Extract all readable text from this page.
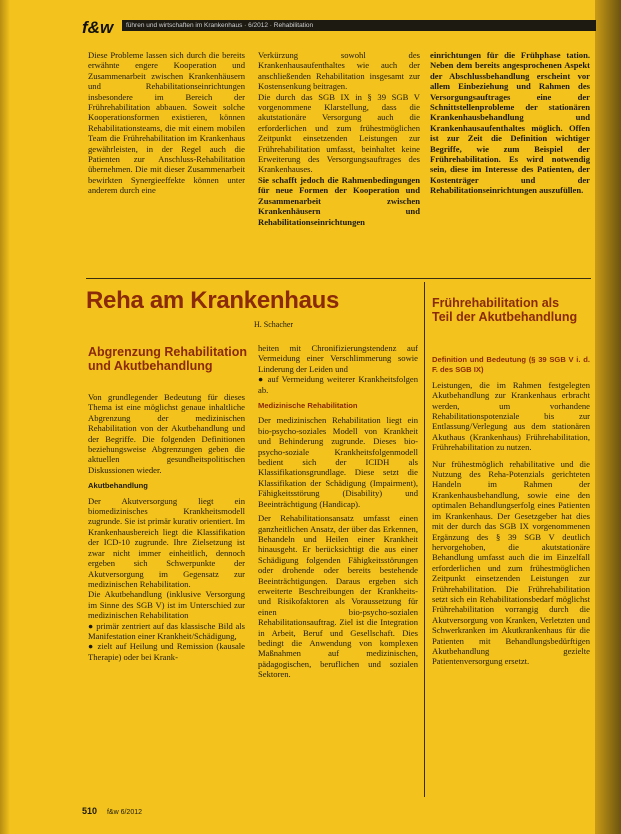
f&w	führen und wirtschaften im Krankenhaus · 6/2012 · Rehabilitation

Diese Probleme lassen sich durch die bereits erwähnte engere Kooperation und Zusammenarbeit zwischen Krankenhäusern und Rehabilitationseinrichtungen insbesondere im Bereich der Frührehabilitation abbauen. Soweit solche Kooperationsformen existieren, können Rehabilitationsteams, die mit einem mobilen Team die Frührehabilitation im Krankenhaus gewährleisten, in der Regel auch die Patienten zur Anschluss-Rehabilitation übernehmen. Die mit dieser Zusammenarbeit bewirkten Synergieeffekte können unter anderem durch eine

Verkürzung sowohl des Krankenhausaufenthaltes wie auch der anschließenden Rehabilitation insgesamt zur Kostensenkung beitragen.
Die durch das SGB IX in § 39 SGB V vorgenommene Klarstellung, dass die akutstationäre Versorgung auch die erforderlichen und zum frühestmöglichen Zeitpunkt einsetzenden Leistungen zur Frührehabilitation umfasst, beinhaltet keine Erweiterung des Versorgungsauftrages des Krankenhauses.

Sie schafft jedoch die Rahmenbedingungen für neue Formen der Kooperation und Zusammenarbeit zwischen Krankenhäusern und Rehabilitationseinrichtungen

einrichtungen für die Frühphase tation. Neben dem bereits angesprochenen Aspekt der Abschlussbehandlung erscheint vor allem Einbeziehung und Rahmen des Versorgungsauftrages eine der Schnittstellenprobleme der stationären Krankenhausbehandlung und Krankenhausaufenthaltes möglich. Offen ist zur Zeit die Definition wichtiger Begriffe, wie zum Beispiel der Frührehabilitation. Es wird notwendig sein, diese im Interesse des Patienten, der Kostenträger und der Rehabilitationseinrichtungen auszufüllen.

Reha am Krankenhaus
H. Schacher
Abgrenzung Rehabilitation und Akutbehandlung

Von grundlegender Bedeutung für dieses Thema ist eine möglichst genaue inhaltliche Abgrenzung der medizinischen Rehabilitation von der Akutbehandlung und der Begriffe. Die folgenden Definitionen beziehungsweise Abgrenzungen geben die aktuellen gesundheitspolitischen Diskussionen wieder.

Akutbehandlung

Der Akutversorgung liegt ein biomedizinisches Krankheitsmodell zugrunde. Sie ist primär kurativ orientiert. Im Krankenhausbereich liegt die Klassifikation der ICD-10 zugrunde. Ihre Zielsetzung ist zwar nicht immer einheitlich, dennoch ergeben sich Schwerpunkte der Akutversorgung im Gegensatz zur medizinischen Rehabilitation.
Die Akutbehandlung (inklusive Versorgung im Sinne des SGB V) ist im Unterschied zur medizinischen Rehabilitation

● primär zentriert auf das klassische Bild als Manifestation einer Krankheit/Schädigung,

● zielt auf Heilung und Remission (kausale Therapie) oder bei Krank-

heiten mit Chronifizierungstendenz auf Vermeidung einer Verschlimmerung sowie Linderung der Leiden und

● auf Vermeidung weiterer Krankheitsfolgen ab.

Medizinische Rehabilitation

Der medizinischen Rehabilitation liegt ein bio-psycho-soziales Modell von Krankheit und Behinderung zugrunde. Dieses bio-psycho-soziale Krankheitsfolgenmodell bedient sich der ICIDH als Klassifikationsgrundlage. Diese setzt die Klassifikation der Schädigung (Impairment), Fähigkeitsstörung (Disability) und Beeinträchtigung (Handicap).

Der Rehabilitationsansatz umfasst einen ganzheitlichen Ansatz, der über das Erkennen, Behandeln und Heilen einer Krankheit hinausgeht. Er berücksichtigt die aus einer Schädigung folgenden Fähigkeitsstörungen oder drohende oder bereits bestehende Beeinträchtigungen. Daraus ergeben sich erweiterte Beschreibungen der Krankheits- und Risikofaktoren als Voraussetzung für einen bio-psycho-sozialen Rehabilitationsauftrag. Ziel ist die Integration in Arbeit, Beruf und Gesellschaft. Dies bedingt die Anwendung von komplexen Maßnahmen auf medizinischen, pädagogischen, beruflichen und sozialen Sektoren.

Frührehabilitation als Teil der Akutbehandlung
Definition und Bedeutung (§ 39 SGB V i. d. F. des SGB IX)

Leistungen, die im Rahmen festgelegten Akutbehandlung zur Krankenhaus erbracht werden, um vorhandene Rehabilitationspotenziale bis zur Entlassung/Verlegung aus dem stationären Akuthaus (Krankenhaus) Frührehabilitation, Frührehabilitation zu nutzen.

Nur frühestmöglich rehabilitative und die Nutzung des Reha-Potenzials gerichteten Handeln im Rahmen der Krankenhausbehandlung, sowie eine den optimalen Behandlungserfolg eines Patienten im Krankenhaus. Der Gesetzgeber hat dies mit der durch das SGB IX vorgenommenen Ergänzung des § 39 SGB V deutlich hervorgehoben, die akutstationäre Behandlung umfasst auch die im Einzelfall erforderlichen und zum frühestmöglichen Zeitpunkt einsetzenden Leistungen zur Frührehabilitation. Die Frührehabilitation setzt sich ein Rehabilitationsbedarf möglichst Frührehabilitation vorrangig durch die Akutversorgung von Kranken, Verletzten und Schwerkranken im Akutkrankenhaus für die Patienten mit Behandlungsbedürftigen Akutbehandlung gezielte Patientenversorgung ersetzt.

510 f&w 6/2012
